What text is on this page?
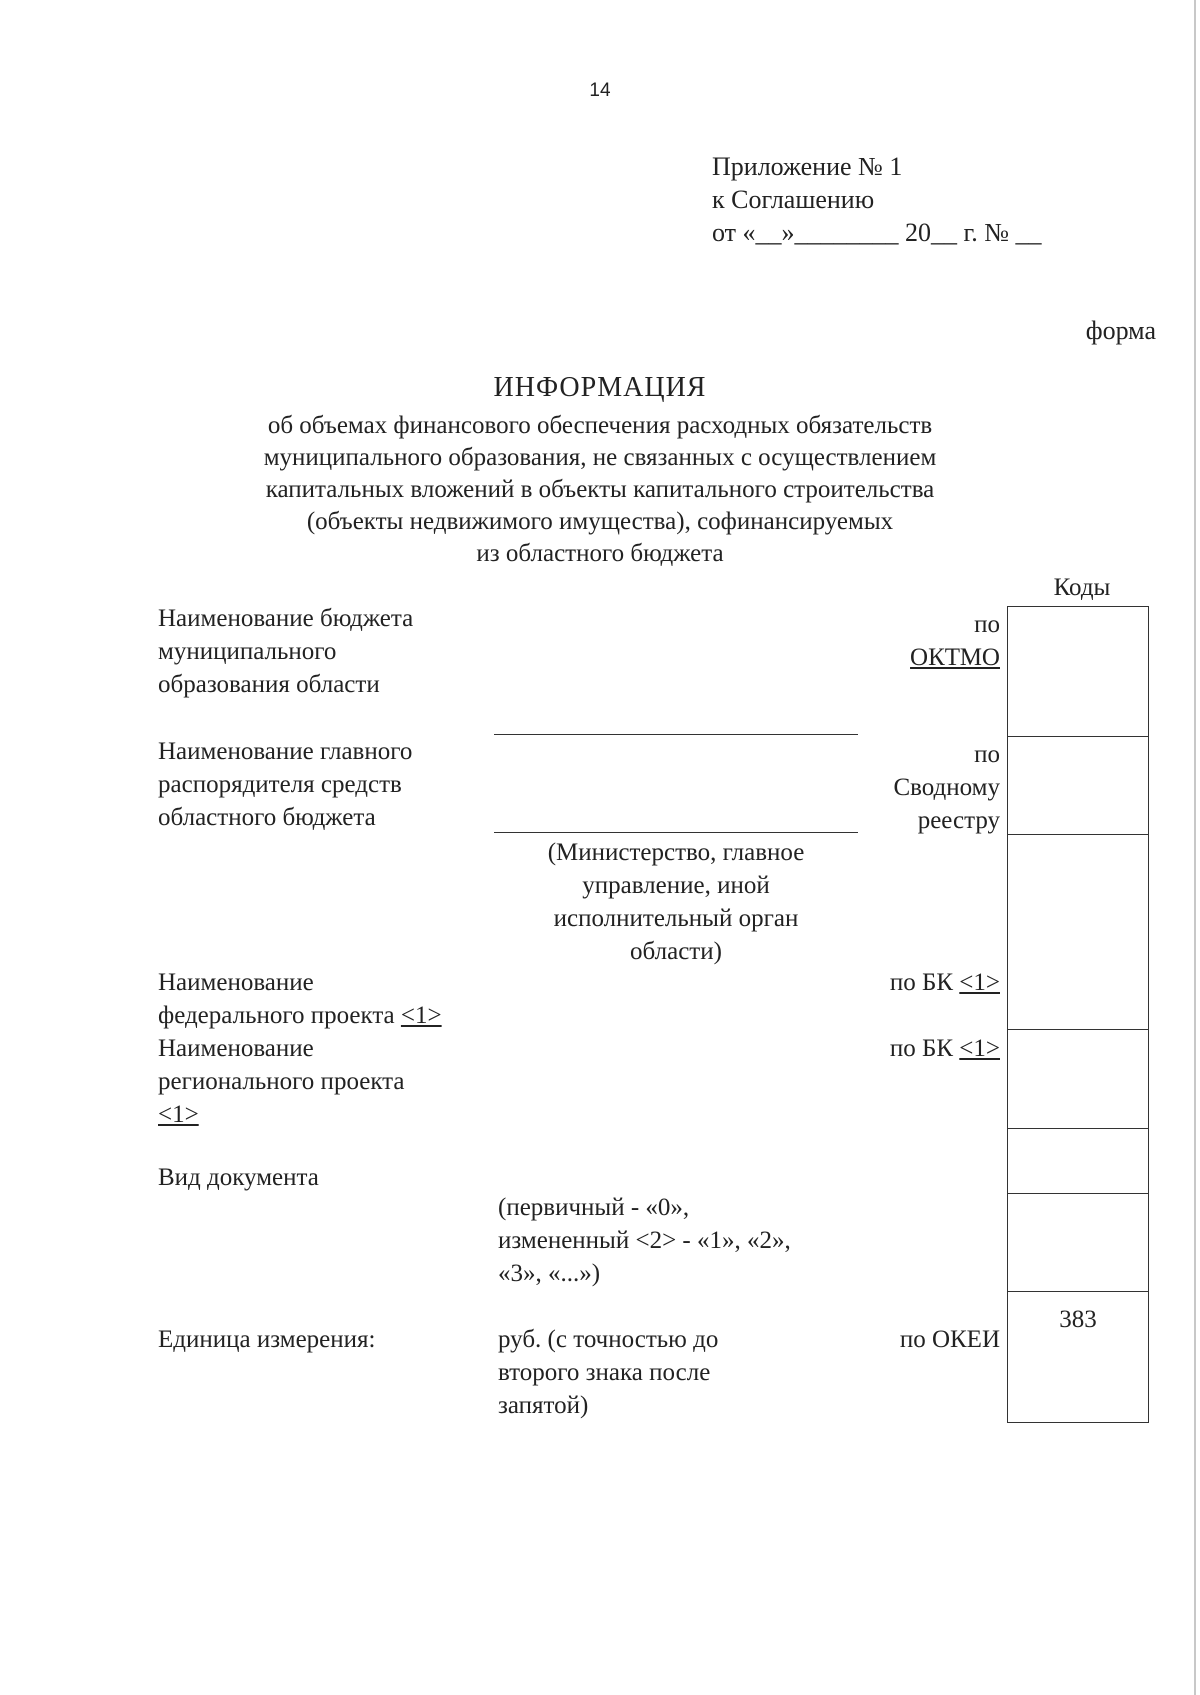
14
Приложение № 1
к Соглашению
от «__»________ 20__ г. № __
форма
ИНФОРМАЦИЯ
об объемах финансового обеспечения расходных обязательств
муниципального образования, не связанных с осуществлением
капитальных вложений в объекты капитального строительства
(объекты недвижимого имущества), софинансируемых
из областного бюджета
Коды
383
Наименование бюджета
муниципального
образования области
по
ОКТМО
Наименование главного
распорядителя средств
областного бюджета
по
Сводному
реестру
(Министерство, главное
управление, иной
исполнительный орган
области)
Наименование
федерального проекта <1>
по БК <1>
Наименование
регионального проекта
<1>
по БК <1>
Вид документа
(первичный - «0»,
измененный <2> - «1», «2»,
«3», «...»)
Единица измерения:	руб. (с точностью до
второго знака после
запятой)
по ОКЕИ
